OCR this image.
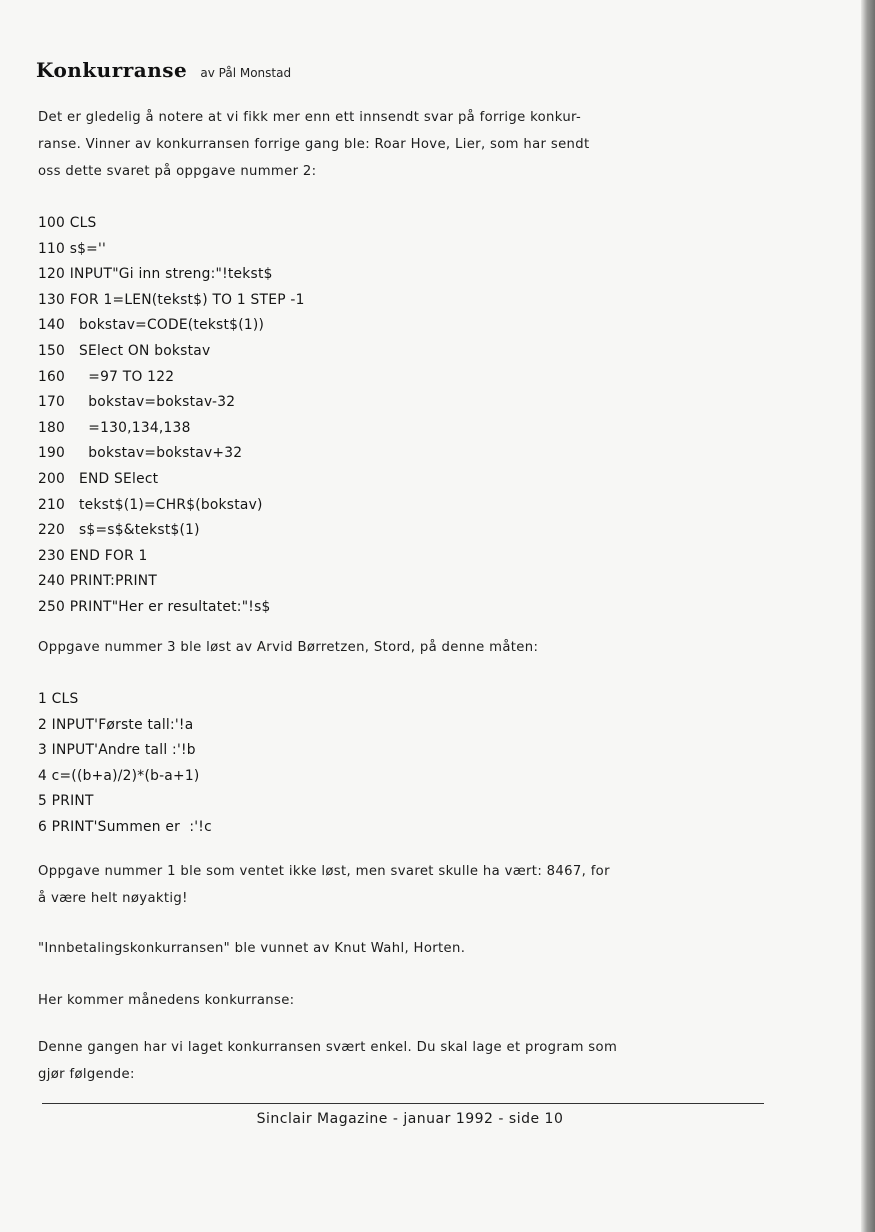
Konkurranse av Pål Monstad
Det er gledelig å notere at vi fikk mer enn ett innsendt svar på forrige konkur-
ranse. Vinner av konkurransen forrige gang ble: Roar Hove, Lier, som har sendt
oss dette svaret på oppgave nummer 2:
100 CLS
110 s$=''
120 INPUT"Gi inn streng:"!tekst$
130 FOR 1=LEN(tekst$) TO 1 STEP -1
140   bokstav=CODE(tekst$(1))
150   SElect ON bokstav
160     =97 TO 122
170     bokstav=bokstav-32
180     =130,134,138
190     bokstav=bokstav+32
200   END SElect
210   tekst$(1)=CHR$(bokstav)
220   s$=s$&tekst$(1)
230 END FOR 1
240 PRINT:PRINT
250 PRINT"Her er resultatet:"!s$
Oppgave nummer 3 ble løst av Arvid Børretzen, Stord, på denne måten:
1 CLS
2 INPUT'Første tall:'!a
3 INPUT'Andre tall :'!b
4 c=((b+a)/2)*(b-a+1)
5 PRINT
6 PRINT'Summen er  :'!c
Oppgave nummer 1 ble som ventet ikke løst, men svaret skulle ha vært: 8467, for
å være helt nøyaktig!
"Innbetalingskonkurransen" ble vunnet av Knut Wahl, Horten.
Her kommer månedens konkurranse:
Denne gangen har vi laget konkurransen svært enkel. Du skal lage et program som
gjør følgende:
Sinclair Magazine - januar 1992 - side 10
